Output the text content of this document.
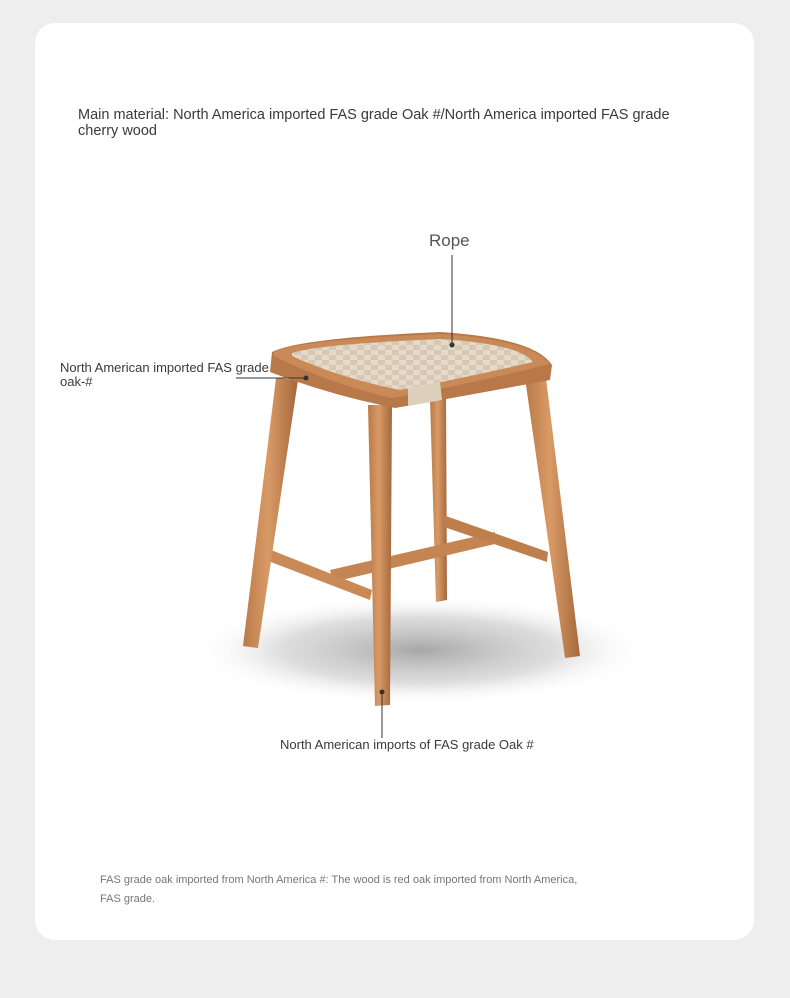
Main material: North America imported FAS grade Oak #/North America imported FAS grade cherry wood
Rope
North American imported FAS grade oak-#
North American imports of FAS grade Oak #
FAS grade oak imported from North America #: The wood is red oak imported from North America, FAS grade.
